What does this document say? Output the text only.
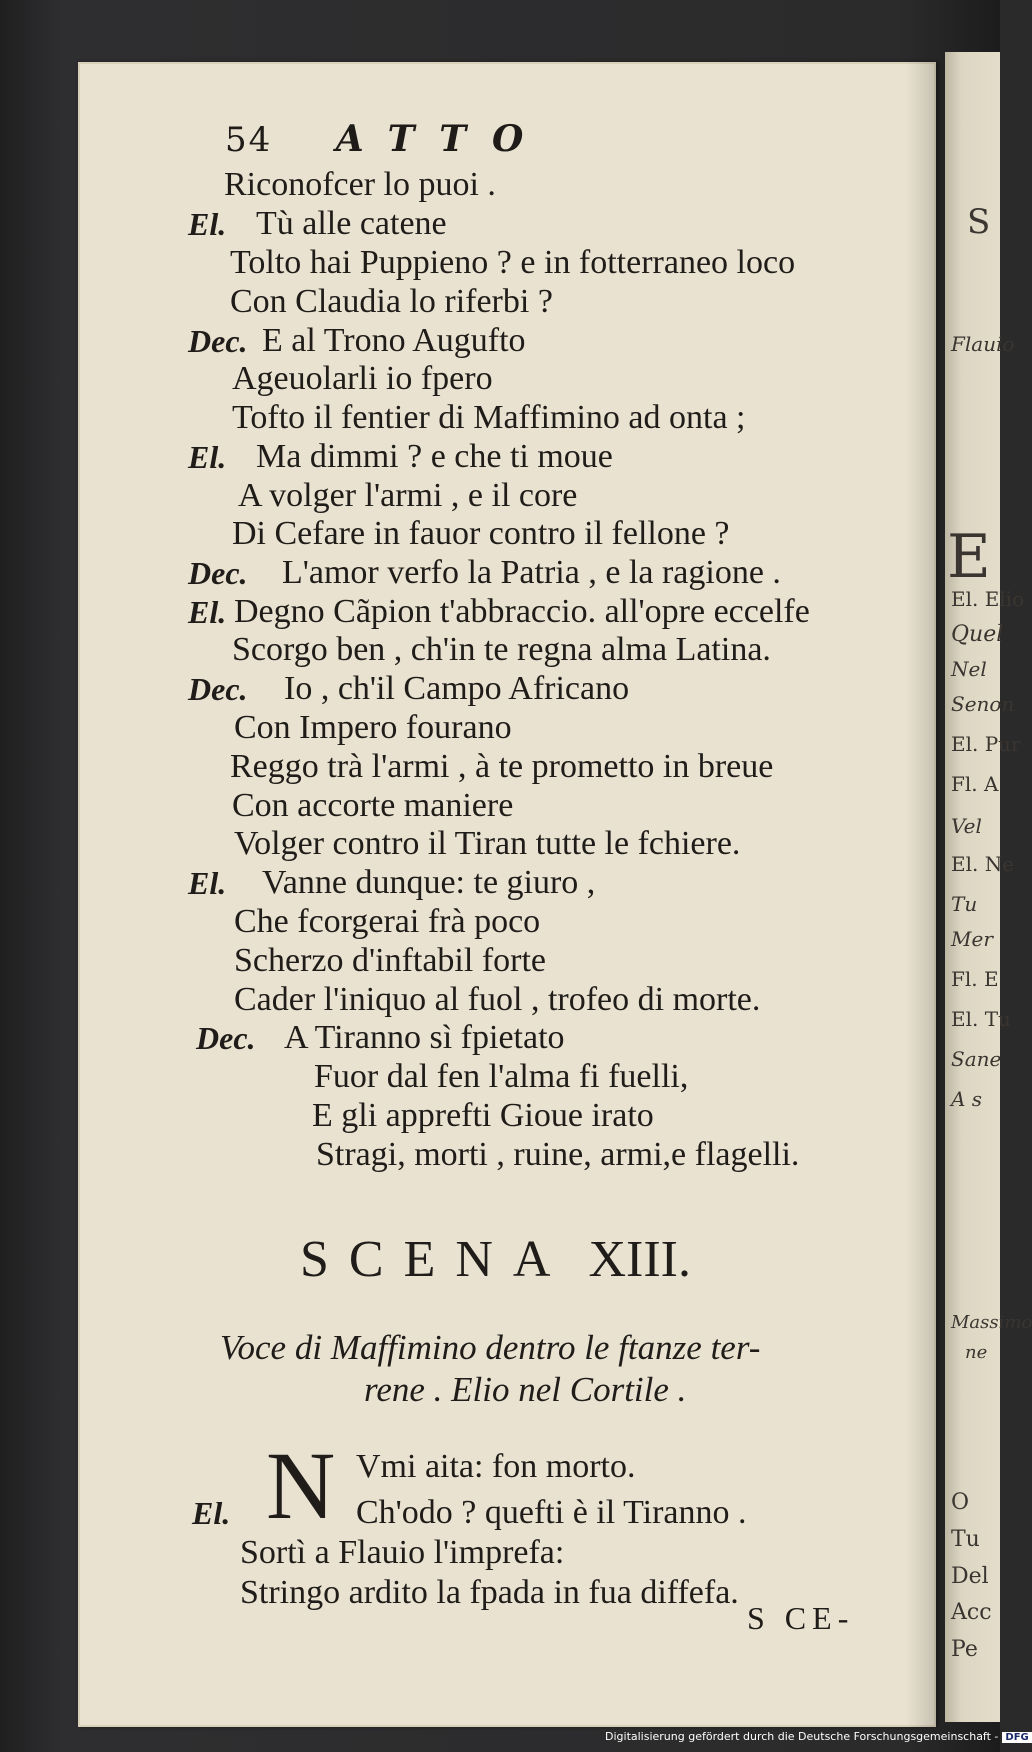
S
Flauio
E
El. Elio
Quel
Nel
Senon
El. Pur
Fl. A
Vel
El. Ne
Tu
Mer
Fl. E
El. Tu
Sane
A s
Massimo
ne
O
Tu
Del
Acc
Pe
54 ATTO
Riconofcer lo puoi .
El. Tù alle catene
Tolto hai Puppieno ? e in fotterraneo loco
Con Claudia lo riferbi ?
Dec. E al Trono Augufto
Ageuolarli io fpero
Tofto il fentier di Maffimino ad onta ;
El. Ma dimmi ? e che ti moue
A volger l'armi , e il core
Di Cefare in fauor contro il fellone ?
Dec. L'amor verfo la Patria , e la ragione .
El. Degno Cãpion t'abbraccio. all'opre eccelfe
Scorgo ben , ch'in te regna alma Latina.
Dec. Io , ch'il Campo Africano
Con Impero fourano
Reggo trà l'armi , à te prometto in breue
Con accorte maniere
Volger contro il Tiran tutte le fchiere.
El. Vanne dunque: te giuro ,
Che fcorgerai frà poco
Scherzo d'inftabil forte
Cader l'iniquo al fuol , trofeo di morte.
Dec. A Tiranno sì fpietato
Fuor dal fen l'alma fi fuelli,
E gli apprefti Gioue irato
Stragi, morti , ruine, armi,e flagelli.
SCENA XIII.
Voce di Maffimino dentro le ftanze ter-
rene . Elio nel Cortile .
N Vmi aita: fon morto.
El.	Ch'odo ? quefti è il Tiranno .
Sortì a Flauio l'imprefa:
Stringo ardito la fpada in fua diffefa.
S CE-
Digitalisierung gefördert durch die Deutsche Forschungsgemeinschaft - DFG
